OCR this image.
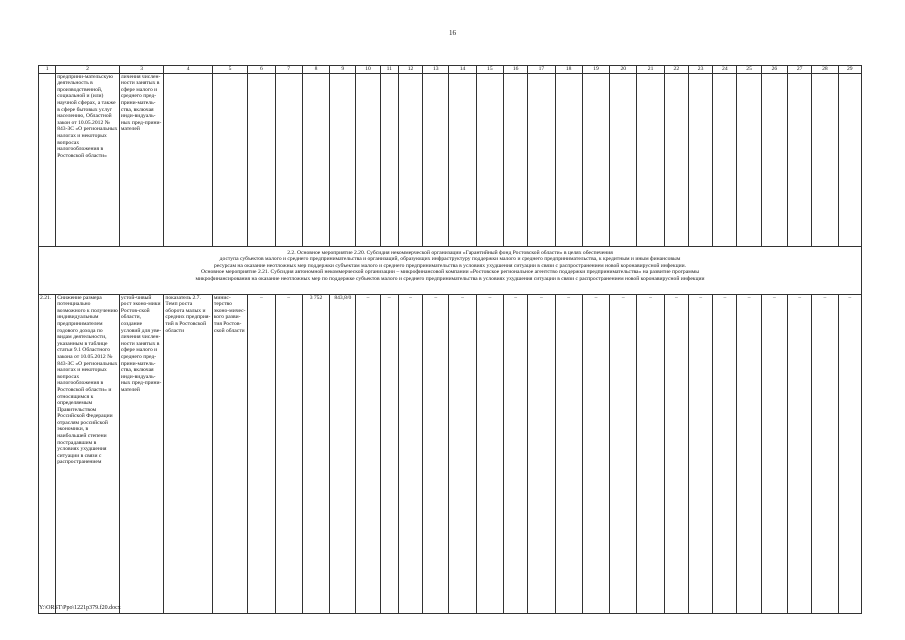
16
1	2	3	4	5	6	7	8	9	10	11	12	13	14	15	16	17	18	19	20	21	22	23	24	25	26	27	28	29
	предприни-мательскую деятельность в производственной, социальной и (или) научной сферах, а также в сфере бытовых услуг населению, Областной закон от 10.05.2012 № 843-ЗС «О региональных налогах и некоторых вопросах налогообложения в Ростовской области»	личения числен-ности занятых в сфере малого и среднего пред-прини-матель-ства, включая инди-видуаль-ных пред-прини-мателей																										

2.2. Основное мероприятие 2.20. Субсидия некоммерческой организации «Гарантийный фонд Ростовской области» в целях обеспечения
доступа субъектов малого и среднего предпринимательства и организаций, образующих инфраструктуру поддержки малого и среднего предпринимательства, к кредитным и иным финансовым
ресурсам на оказание неотложных мер поддержки субъектам малого и среднего предпринимательства в условиях ухудшения ситуации в связи с распространением новой коронавирусной инфекции.
Основное мероприятие 2.21. Субсидия автономной некоммерческой организации – микрофинансовой компании «Ростовское региональное агентство поддержки предпринимательства» на развитие программы
микрофинансирования на оказание неотложных мер по поддержке субъектов малого и среднего предпринимательства в условиях ухудшения ситуации в связи с распространением новой коронавирусной инфекции																												

2.21.	Снижение размера потенциально возможного к получению индивидуальным предпринимателем годового дохода по видам деятельности, указанным в таблице статьи 9.1 Областного закона от 10.05.2012 № 843-ЗС «О региональных налогах и некоторых вопросах налогообложения в Ростовской области» и относящимся к определяемым Правительством Российской Федерации отраслям российской экономики, в наибольшей степени пострадавшим в условиях ухудшения ситуации в связи с распространением	устой-чивый рост эконо-мики Ростов-ской области, создание условий для уве-личения числен-ности занятых в сфере малого и среднего пред-прини-матель-ства, включая инди-видуаль-ных пред-прини-мателей	показатель 2.7. Темп роста оборота малых и средних предприя-тий в Ростовской области	минис-терство эконо-мичес-кого разви-тия Ростов-ской области	–	–	3 752	843,8/0	–	–	–	–	–	–	–	–	–	–	–	–	–	–	–	–	–	–	–	–
Y:\ORST\Ppo\1221p379.f20.docx
